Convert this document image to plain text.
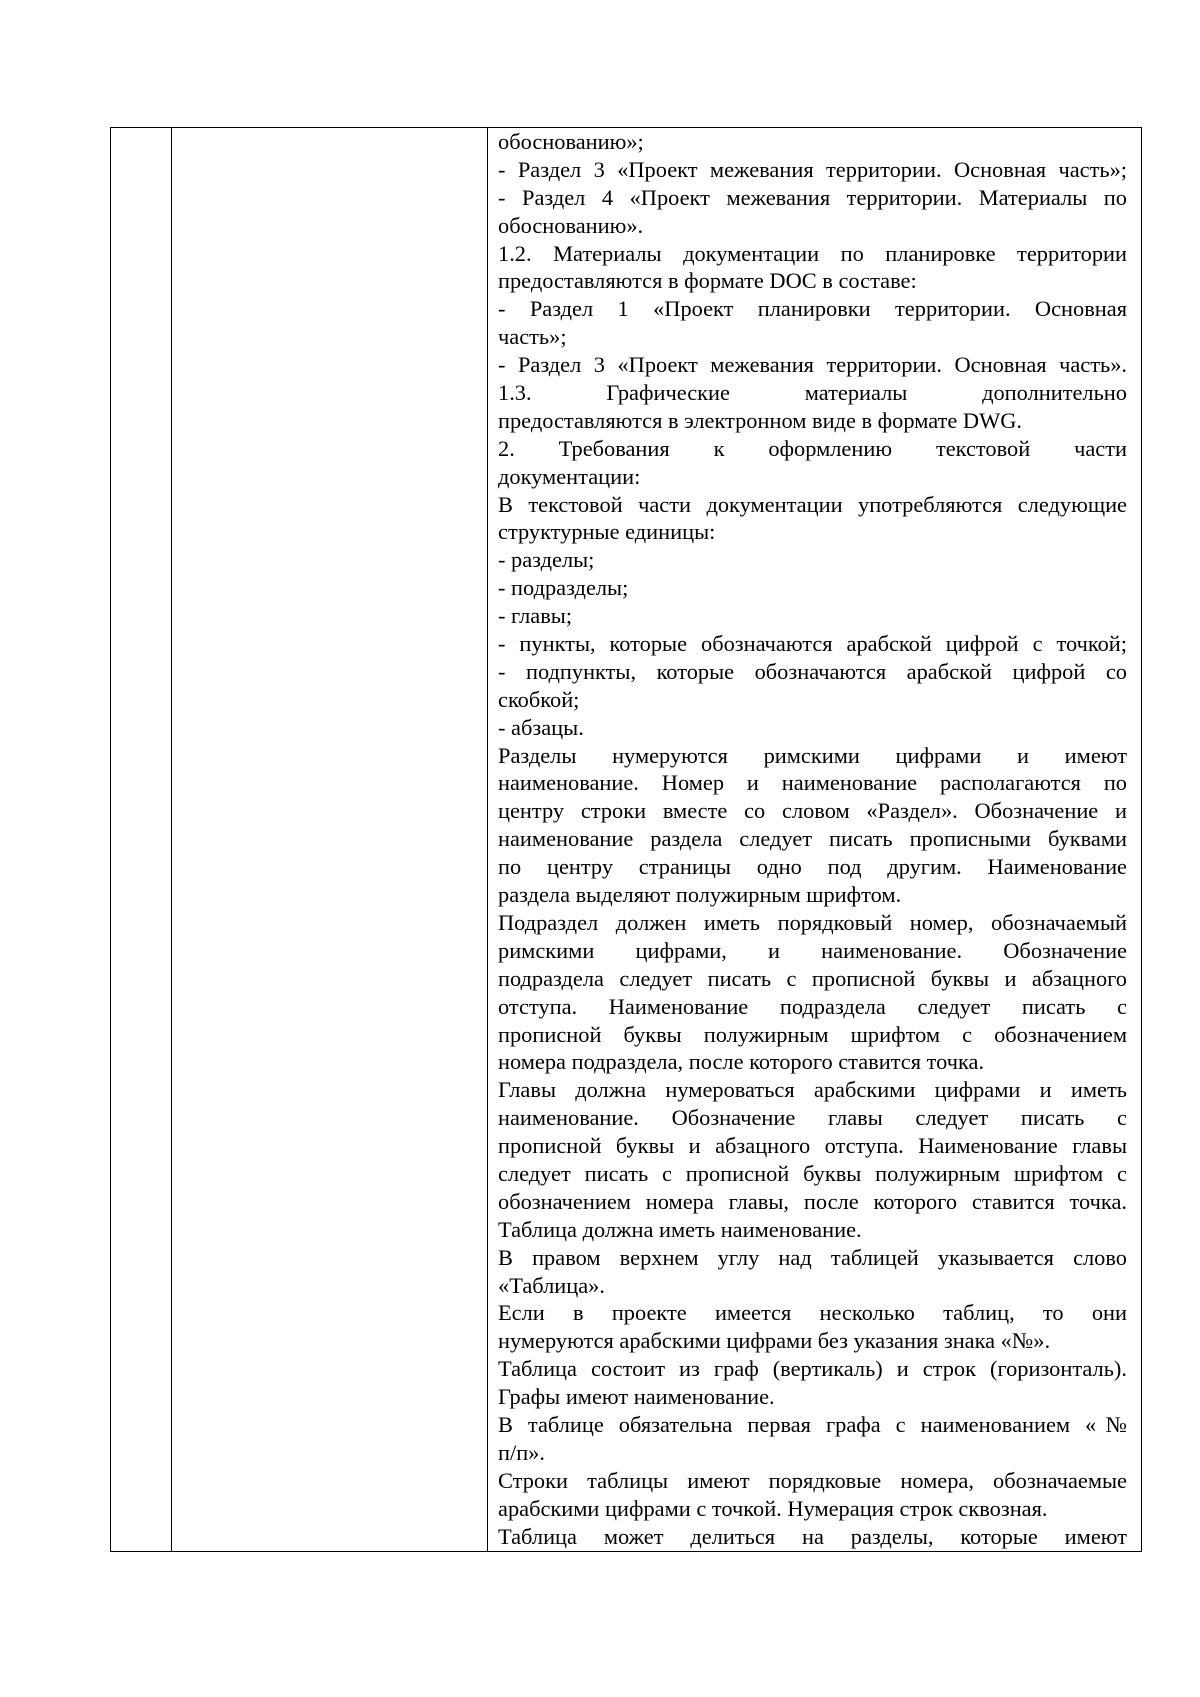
обоснованию»;
- Раздел 3 «Проект межевания территории. Основная часть»;
- Раздел 4 «Проект межевания территории. Материалы по
обоснованию».
1.2. Материалы документации по планировке территории
предоставляются в формате DOC в составе:
- Раздел 1 «Проект планировки территории. Основная
часть»;
- Раздел 3 «Проект межевания территории. Основная часть».
1.3. Графические материалы дополнительно
предоставляются в электронном виде в формате DWG.
2. Требования к оформлению текстовой части
документации:
В текстовой части документации употребляются следующие
структурные единицы:
- разделы;
- подразделы;
- главы;
- пункты, которые обозначаются арабской цифрой с точкой;
- подпункты, которые обозначаются арабской цифрой со
скобкой;
- абзацы.
Разделы нумеруются римскими цифрами и имеют
наименование. Номер и наименование располагаются по
центру строки вместе со словом «Раздел». Обозначение и
наименование раздела следует писать прописными буквами
по центру страницы одно под другим. Наименование
раздела выделяют полужирным шрифтом.
Подраздел должен иметь порядковый номер, обозначаемый
римскими цифрами, и наименование. Обозначение
подраздела следует писать с прописной буквы и абзацного
отступа. Наименование подраздела следует писать с
прописной буквы полужирным шрифтом с обозначением
номера подраздела, после которого ставится точка.
Главы должна нумероваться арабскими цифрами и иметь
наименование. Обозначение главы следует писать с
прописной буквы и абзацного отступа. Наименование главы
следует писать с прописной буквы полужирным шрифтом с
обозначением номера главы, после которого ставится точка.
Таблица должна иметь наименование.
В правом верхнем углу над таблицей указывается слово
«Таблица».
Если в проекте имеется несколько таблиц, то они
нумеруются арабскими цифрами без указания знака «№».
Таблица состоит из граф (вертикаль) и строк (горизонталь).
Графы имеют наименование.
В таблице обязательна первая графа с наименованием «№
п/п».
Строки таблицы имеют порядковые номера, обозначаемые
арабскими цифрами с точкой. Нумерация строк сквозная.
Таблица может делиться на разделы, которые имеют
